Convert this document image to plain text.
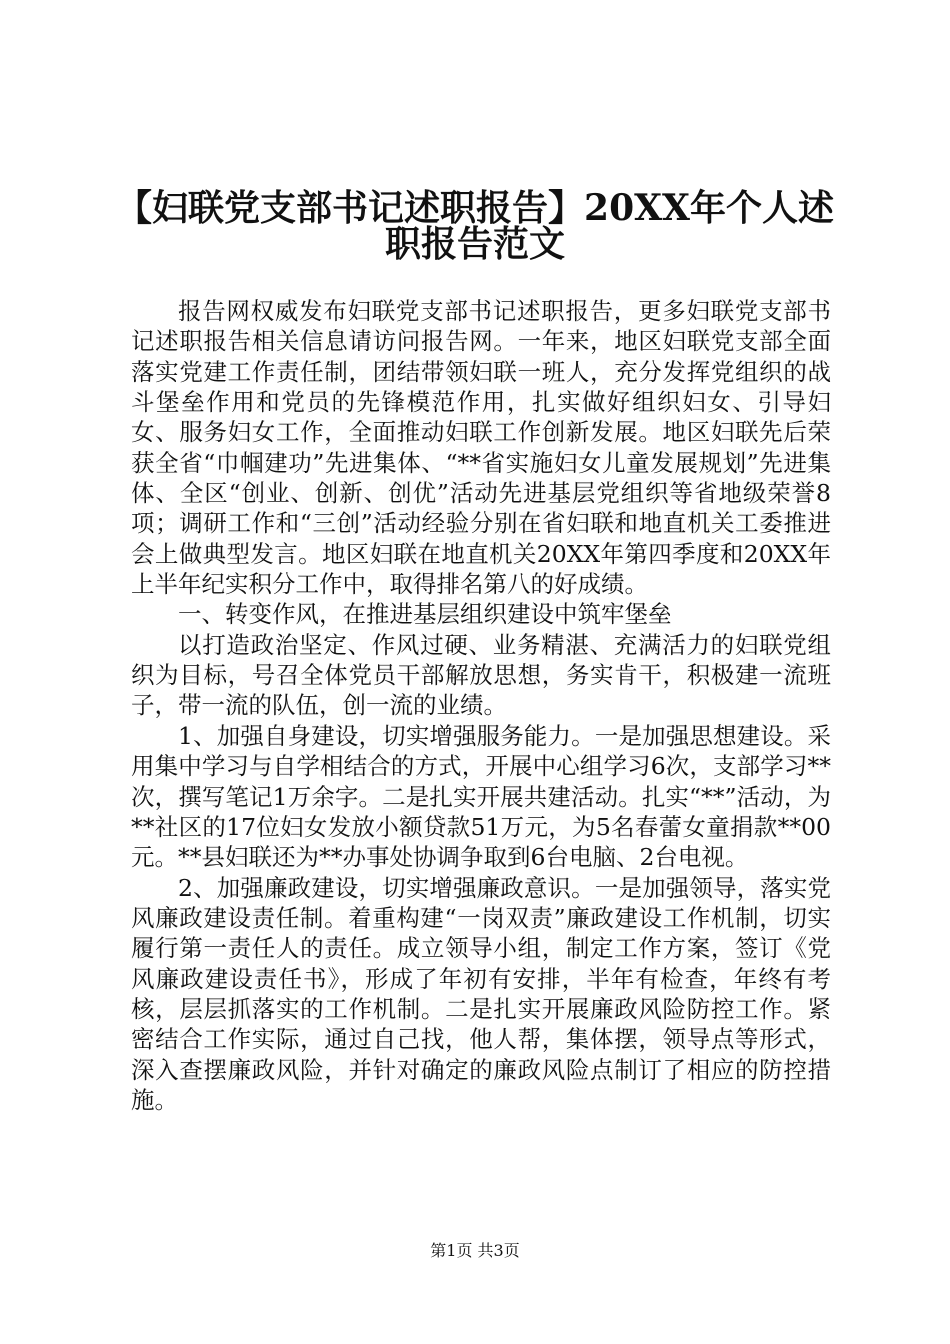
【妇联党支部书记述职报告】20XX年个人述
职报告范文

报告网权威发布妇联党支部书记述职报告，更多妇联党支部书记述职报告相关信息请访问报告网。一年来，地区妇联党支部全面落实党建工作责任制，团结带领妇联一班人，充分发挥党组织的战斗堡垒作用和党员的先锋模范作用，扎实做好组织妇女、引导妇女、服务妇女工作，全面推动妇联工作创新发展。地区妇联先后荣获全省“巾帼建功”先进集体、“**省实施妇女儿童发展规划”先进集体、全区“创业、创新、创优”活动先进基层党组织等省地级荣誉8项；调研工作和“三创”活动经验分别在省妇联和地直机关工委推进会上做典型发言。地区妇联在地直机关20XX年第四季度和20XX年上半年纪实积分工作中，取得排名第八的好成绩。

一、转变作风，在推进基层组织建设中筑牢堡垒

以打造政治坚定、作风过硬、业务精湛、充满活力的妇联党组织为目标，号召全体党员干部解放思想，务实肯干，积极建一流班子，带一流的队伍，创一流的业绩。

1、加强自身建设，切实增强服务能力。一是加强思想建设。采用集中学习与自学相结合的方式，开展中心组学习6次，支部学习**次，撰写笔记1万余字。二是扎实开展共建活动。扎实“**”活动，为**社区的17位妇女发放小额贷款51万元，为5名春蕾女童捐款**00元。**县妇联还为**办事处协调争取到6台电脑、2台电视。

2、加强廉政建设，切实增强廉政意识。一是加强领导，落实党风廉政建设责任制。着重构建“一岗双责”廉政建设工作机制，切实履行第一责任人的责任。成立领导小组，制定工作方案，签订《党风廉政建设责任书》，形成了年初有安排，半年有检查，年终有考核，层层抓落实的工作机制。二是扎实开展廉政风险防控工作。紧密结合工作实际，通过自己找，他人帮，集体摆，领导点等形式，深入查摆廉政风险，并针对确定的廉政风险点制订了相应的防控措施。

第1页 共3页
